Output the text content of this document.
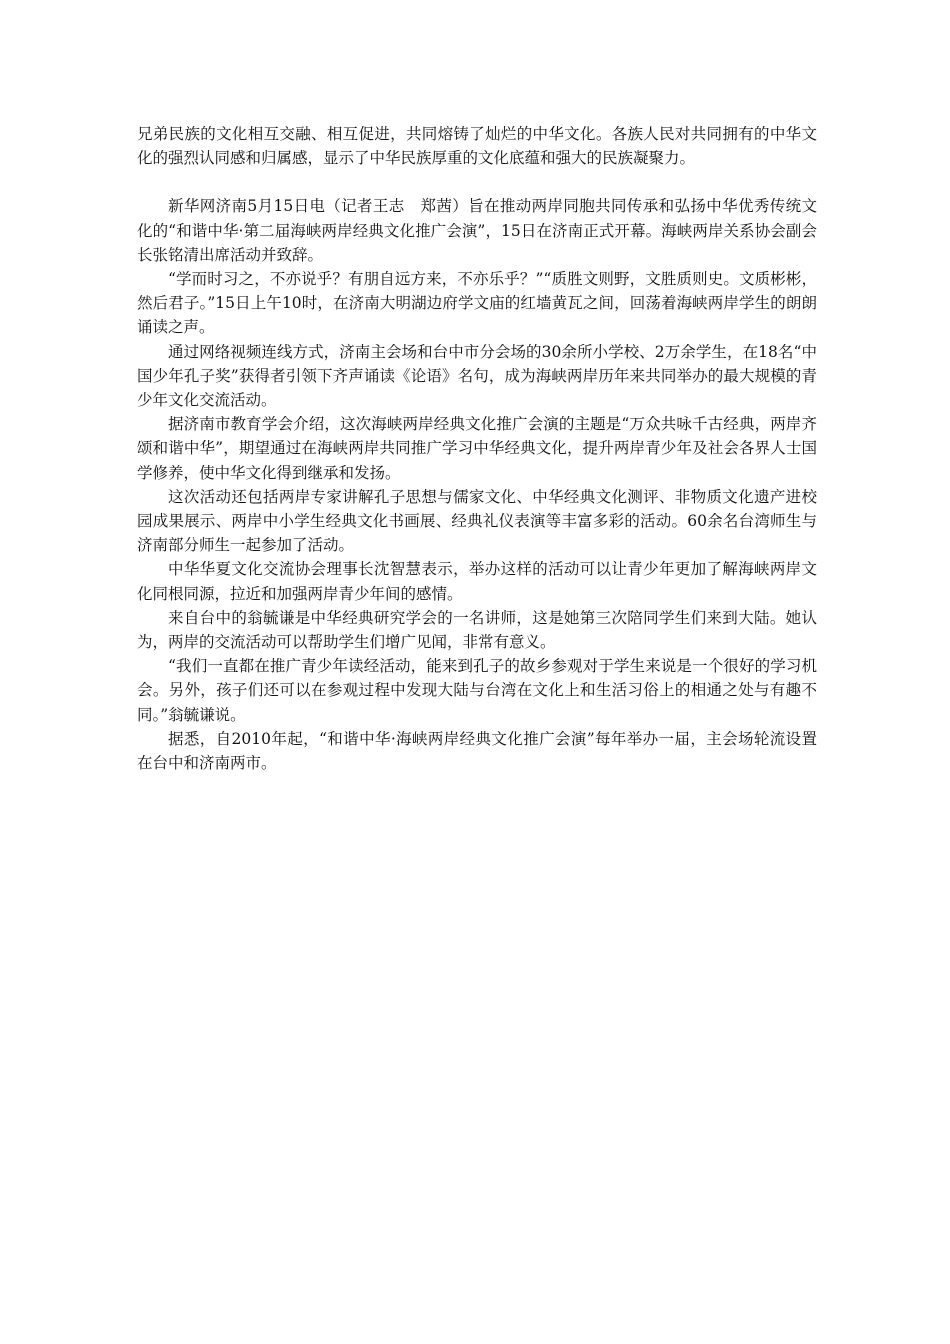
兄弟民族的文化相互交融、相互促进，共同熔铸了灿烂的中华文化。各族人民对共同拥有的中华文化的强烈认同感和归属感，显示了中华民族厚重的文化底蕴和强大的民族凝聚力。

新华网济南5月15日电（记者王志　郑茜）旨在推动两岸同胞共同传承和弘扬中华优秀传统文化的“和谐中华·第二届海峡两岸经典文化推广会演”，15日在济南正式开幕。海峡两岸关系协会副会长张铭清出席活动并致辞。

“学而时习之，不亦说乎？有朋自远方来，不亦乐乎？”“质胜文则野，文胜质则史。文质彬彬，然后君子。”15日上午10时，在济南大明湖边府学文庙的红墙黄瓦之间，回荡着海峡两岸学生的朗朗诵读之声。

通过网络视频连线方式，济南主会场和台中市分会场的30余所小学校、2万余学生，在18名“中国少年孔子奖”获得者引领下齐声诵读《论语》名句，成为海峡两岸历年来共同举办的最大规模的青少年文化交流活动。

据济南市教育学会介绍，这次海峡两岸经典文化推广会演的主题是“万众共咏千古经典，两岸齐颂和谐中华”，期望通过在海峡两岸共同推广学习中华经典文化，提升两岸青少年及社会各界人士国学修养，使中华文化得到继承和发扬。

这次活动还包括两岸专家讲解孔子思想与儒家文化、中华经典文化测评、非物质文化遗产进校园成果展示、两岸中小学生经典文化书画展、经典礼仪表演等丰富多彩的活动。60余名台湾师生与济南部分师生一起参加了活动。

中华华夏文化交流协会理事长沈智慧表示，举办这样的活动可以让青少年更加了解海峡两岸文化同根同源，拉近和加强两岸青少年间的感情。

来自台中的翁毓谦是中华经典研究学会的一名讲师，这是她第三次陪同学生们来到大陆。她认为，两岸的交流活动可以帮助学生们增广见闻，非常有意义。

“我们一直都在推广青少年读经活动，能来到孔子的故乡参观对于学生来说是一个很好的学习机会。另外，孩子们还可以在参观过程中发现大陆与台湾在文化上和生活习俗上的相通之处与有趣不同。”翁毓谦说。

据悉，自2010年起，“和谐中华·海峡两岸经典文化推广会演”每年举办一届，主会场轮流设置在台中和济南两市。
